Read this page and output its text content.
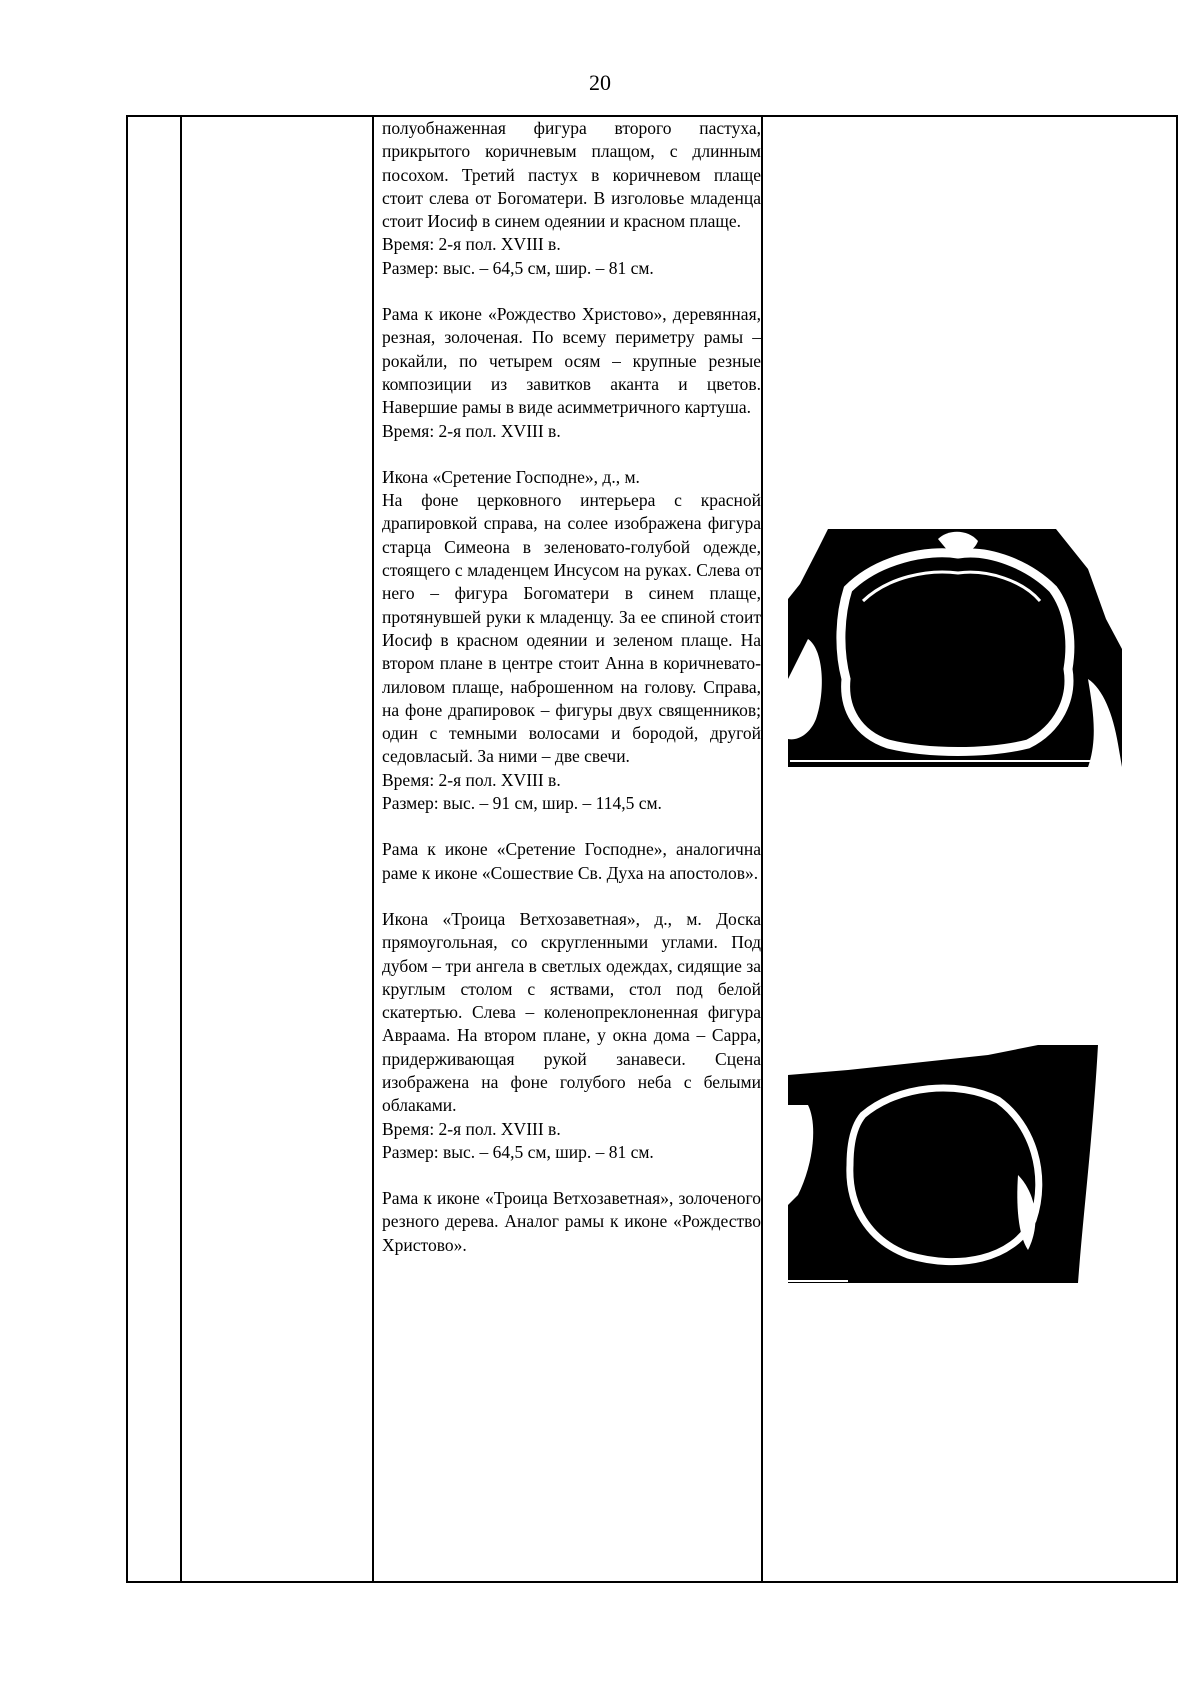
20

полуобнаженная фигура второго пастуха, прикрытого коричневым плащом, с длинным посохом. Третий пастух в коричневом плаще стоит слева от Богоматери. В изголовье младенца стоит Иосиф в синем одеянии и красном плаще.

Время: 2-я пол. XVIII в.

Размер: выс. – 64,5 см, шир. – 81 см.

Рама к иконе «Рождество Христово», деревянная, резная, золоченая. По всему периметру рамы – рокайли, по четырем осям – крупные резные композиции из завитков аканта и цветов. Навершие рамы в виде асимметричного картуша.

Время: 2-я пол. XVIII в.

Икона «Сретение Господне», д., м.

На фоне церковного интерьера с красной драпировкой справа, на солее изображена фигура старца Симеона в зеленовато-голубой одежде, стоящего с младенцем Инсусом на руках. Слева от него – фигура Богоматери в синем плаще, протянувшей руки к младенцу. За ее спиной стоит Иосиф в красном одеянии и зеленом плаще. На втором плане в центре стоит Анна в коричневато-лиловом плаще, наброшенном на голову. Справа, на фоне драпировок – фигуры двух священников; один с темными волосами и бородой, другой седовласый. За ними – две свечи.

Время: 2-я пол. XVIII в.

Размер: выс. – 91 см, шир. – 114,5 см.

Рама к иконе «Сретение Господне», аналогична раме к иконе «Сошествие Св. Духа на апостолов».

Икона «Троица Ветхозаветная», д., м. Доска прямоугольная, со скругленными углами. Под дубом – три ангела в светлых одеждах, сидящие за круглым столом с яствами, стол под белой скатертью. Слева – коленопреклоненная фигура Авраама. На втором плане, у окна дома – Сарра, придерживающая рукой занавеси. Сцена изображена на фоне голубого неба с белыми облаками.

Время: 2-я пол. XVIII в.

Размер: выс. – 64,5 см, шир. – 81 см.

Рама к иконе «Троица Ветхозаветная», золоченого резного дерева. Аналог рамы к иконе «Рождество Христово».
